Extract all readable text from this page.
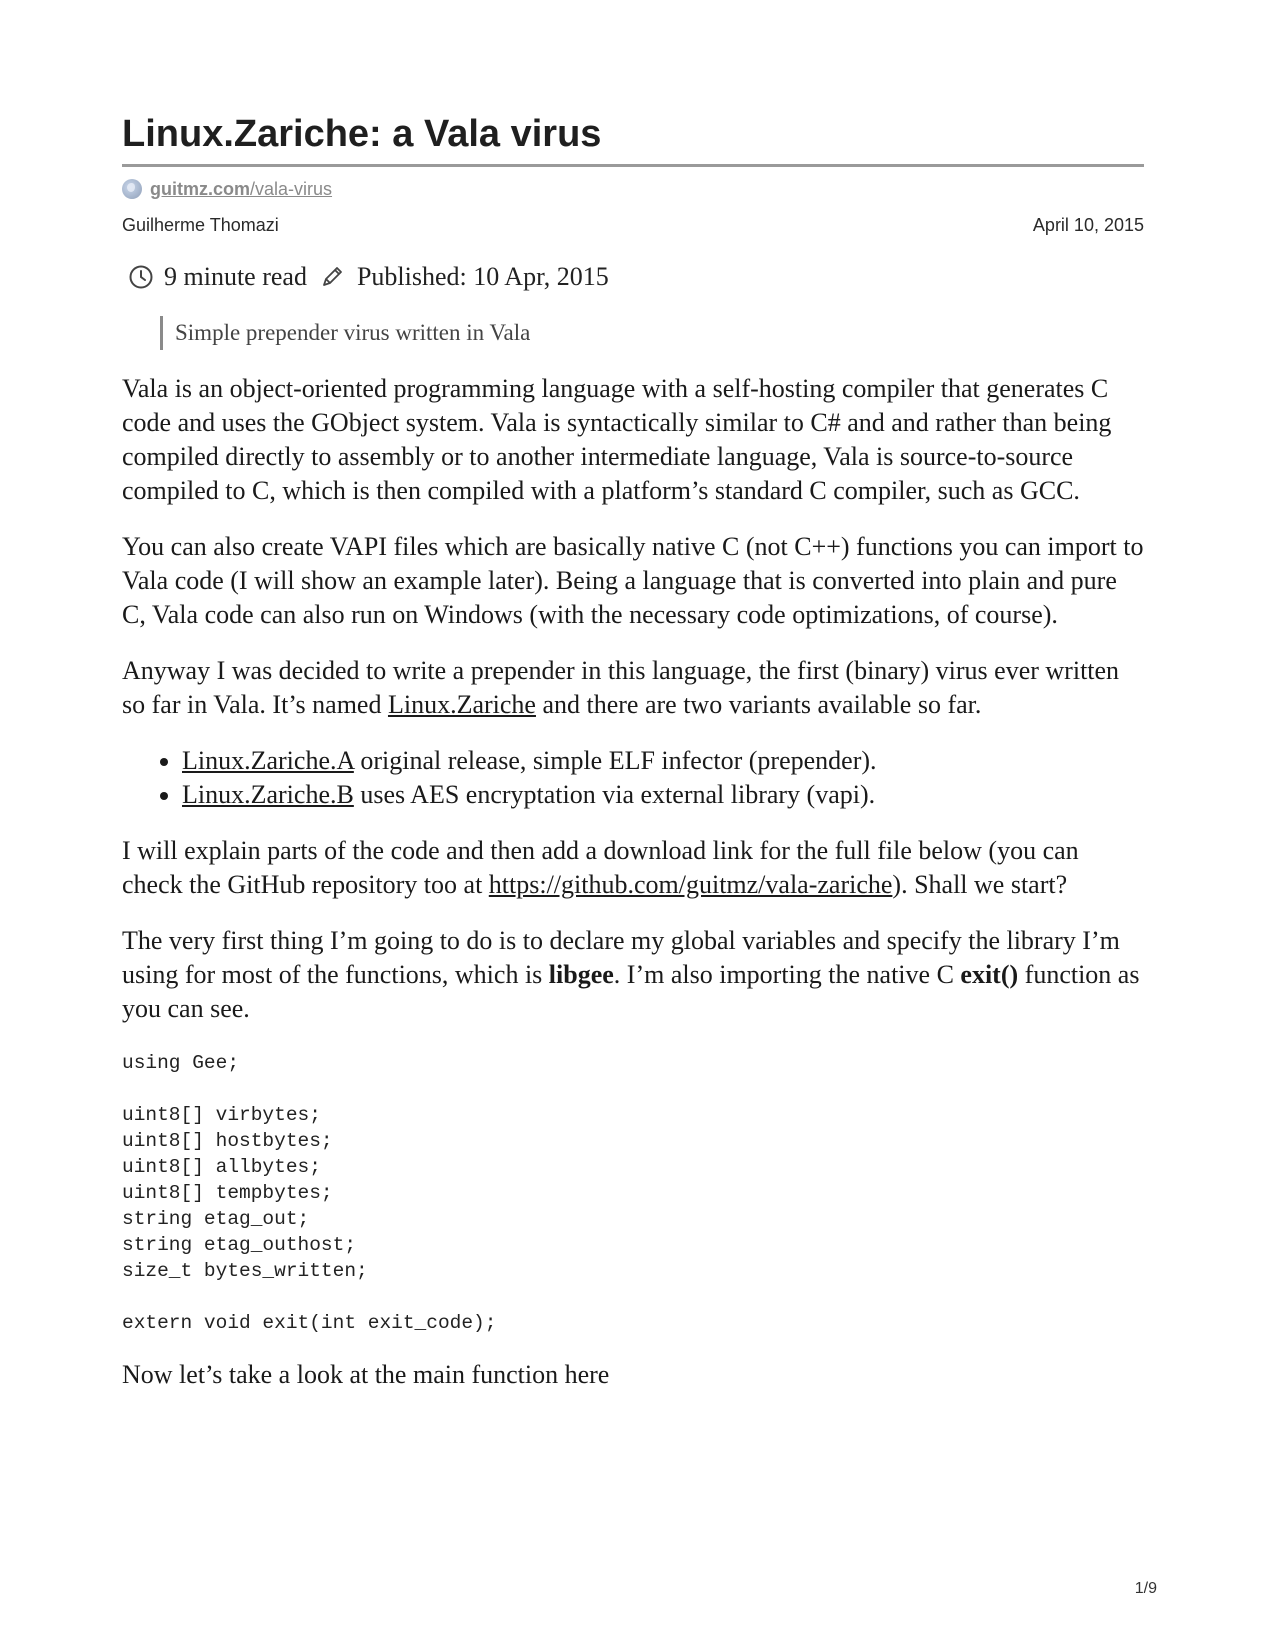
Linux.Zariche: a Vala virus
guitmz.com/vala-virus
Guilherme Thomazi	April 10, 2015
9 minute read Published: 10 Apr, 2015
Simple prepender virus written in Vala

Vala is an object-oriented programming language with a self-hosting compiler that generates C code and uses the GObject system. Vala is syntactically similar to C# and and rather than being compiled directly to assembly or to another intermediate language, Vala is source-to-source compiled to C, which is then compiled with a platform’s standard C compiler, such as GCC.

You can also create VAPI files which are basically native C (not C++) functions you can import to Vala code (I will show an example later). Being a language that is converted into plain and pure C, Vala code can also run on Windows (with the necessary code optimizations, of course).

Anyway I was decided to write a prepender in this language, the first (binary) virus ever written so far in Vala. It’s named Linux.Zariche and there are two variants available so far.

• Linux.Zariche.A original release, simple ELF infector (prepender).
• Linux.Zariche.B uses AES encryptation via external library (vapi).

I will explain parts of the code and then add a download link for the full file below (you can check the GitHub repository too at https://github.com/guitmz/vala-zariche). Shall we start?

The very first thing I’m going to do is to declare my global variables and specify the library I’m using for most of the functions, which is libgee. I’m also importing the native C exit() function as you can see.

using Gee;

uint8[] virbytes;
uint8[] hostbytes;
uint8[] allbytes;
uint8[] tempbytes;
string etag_out;
string etag_outhost;
size_t bytes_written;

extern void exit(int exit_code);

Now let’s take a look at the main function here

1/9
